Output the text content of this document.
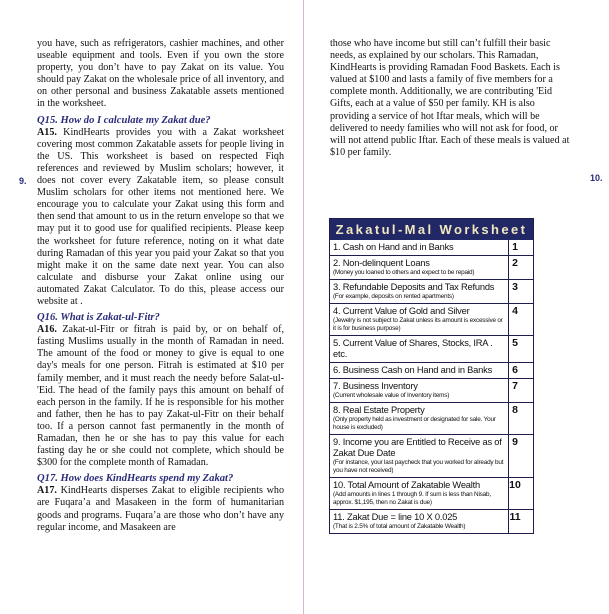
9.

you have, such as refrigerators, cashier machines, and other useable equipment and tools. Even if you own the store property, you don’t have to pay Zakat on its value. You should pay Zakat on the wholesale price of all inventory, and on other personal and business Zakatable assets mentioned in the worksheet.

Q15. How do I calculate my Zakat due?

A15. KindHearts provides you with a Zakat worksheet covering most common Zakatable assets for people living in the US. This worksheet is based on respected Fiqh references and reviewed by Muslim scholars; however, it does not cover every Zakatable item, so please consult Muslim scholars for other items not mentioned here. We encourage you to calculate your Zakat using this form and then send that amount to us in the return envelope so that we may put it to good use for qualified recipients. Please keep the worksheet for future reference, noting on it what date during Ramadan of this year you paid your Zakat so that you might make it on the same date next year. You can also calculate and disburse your Zakat online using our automated Zakat Calculator. To do this, please access our website at .

Q16. What is Zakat-ul-Fitr?

A16. Zakat-ul-Fitr or fitrah is paid by, or on behalf of, fasting Muslims usually in the month of Ramadan in need. The amount of the food or money to give is equal to one day's meals for one person. Fitrah is estimated at $10 per family member, and it must reach the needy before Salat-ul-'Eid. The head of the family pays this amount on behalf of each person in the family. If he is responsible for his mother and father, then he has to pay Zakat-ul-Fitr on their behalf too. If a person cannot fast permanently in the month of Ramadan, then he or she has to pay this value for each fasting day he or she could not complete, which should be $300 for the complete month of Ramadan.

Q17. How does KindHearts spend my Zakat?

A17. KindHearts disperses Zakat to eligible recipients who are Fuqara’a and Masakeen in the form of humanitarian goods and programs. Fuqara’a are those who don’t have any regular income, and Masakeen are

10.

those who have income but still can’t fulfill their basic needs, as explained by our scholars. This Ramadan, KindHearts is providing Ramadan Food Baskets. Each is valued at $100 and lasts a family of five members for a complete month. Additionally, we are contributing 'Eid Gifts, each at a value of $50 per family. KH is also providing a service of hot Iftar meals, which will be delivered to needy families who will not ask for food, or will not attend public Iftar. Each of these meals is valued at $10 per family.

Zakatul-Mal Worksheet
1. Cash on Hand and in Banks	1
2. Non-delinquent Loans
(Money you loaned to others and expect to be repaid)
2
3. Refundable Deposits and Tax Refunds
(For example, deposits on rented apartments)
3
4. Current Value of Gold and Silver
(Jewelry is not subject to Zakat unless its amount is excessive or it is for business purpose)
4
5. Current Value of Shares, Stocks, IRA . etc.
5
6. Business Cash on Hand and in Banks	6
7. Business Inventory
(Current wholesale value of Inventory items)
7
8. Real Estate Property
(Only property held as investment or designated for sale. Your house is excluded)
8
9. Income you are Entitled to Receive as of Zakat Due Date
(For instance, your last paycheck that you worked for already but you have not received)
9
10. Total Amount of Zakatable Wealth
(Add amounts in lines 1 through 9. If sum is less than Nisab, approx. $1,195, then no Zakat is due)
10
11. Zakat Due = line 10 X 0.025
(That is 2.5% of total amount of Zakatable Wealth)
11
